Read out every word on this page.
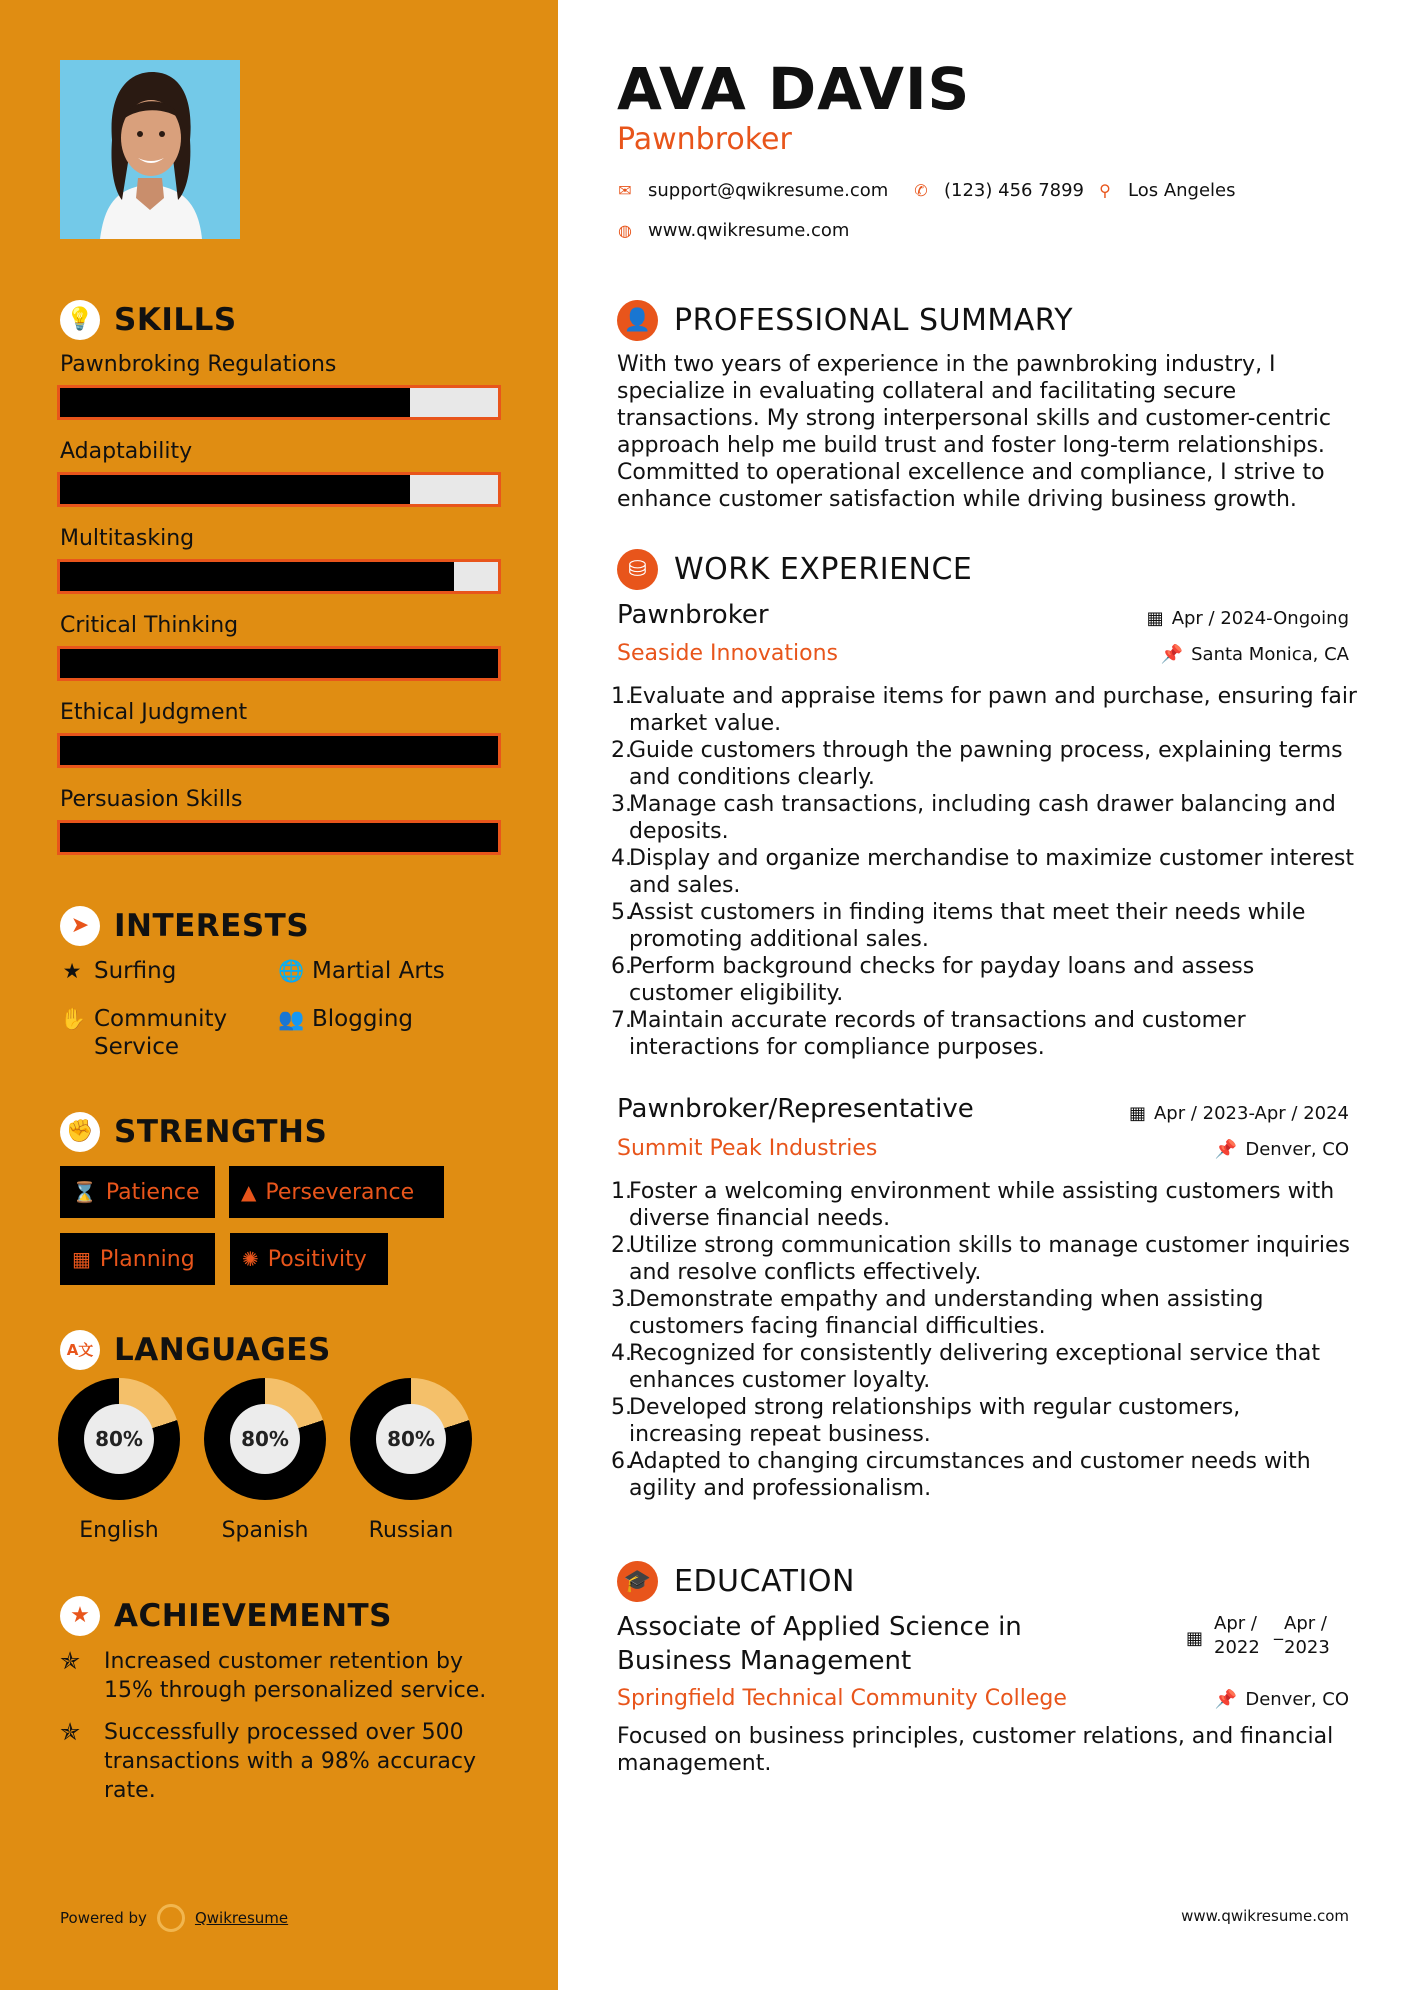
💡 SKILLS
Pawnbroking Regulations
Adaptability
Multitasking
Critical Thinking
Ethical Judgment
Persuasion Skills
➤ INTERESTS
★ Surfing	🌐 Martial Arts
✋ Community Service
👥 Blogging
✊ STRENGTHS
⌛ Patience ▲ Perseverance
▦ Planning ✺ Positivity
A文 LANGUAGES
80%	80%	80%
English	Spanish	Russian
★ ACHIEVEMENTS
✯	Increased customer retention by 15% through personalized service.
✯	Successfully processed over 500 transactions with a 98% accuracy rate.
Powered by	Qwikresume
AVA DAVIS
Pawnbroker
✉ support@qwikresume.com ✆ (123) 456 7899 ⚲ Los Angeles
◍ www.qwikresume.com
👤 PROFESSIONAL SUMMARY
With two years of experience in the pawnbroking industry, I specialize in evaluating collateral and facilitating secure transactions. My strong interpersonal skills and customer-centric approach help me build trust and foster long-term relationships. Committed to operational excellence and compliance, I strive to enhance customer satisfaction while driving business growth.
⛁ WORK EXPERIENCE
Pawnbroker	▦ Apr / 2024-Ongoing
Seaside Innovations	📌 Santa Monica, CA
1.
Evaluate and appraise items for pawn and purchase, ensuring fair market value.
2.
Guide customers through the pawning process, explaining terms and conditions clearly.
3.
Manage cash transactions, including cash drawer balancing and deposits.
4.
Display and organize merchandise to maximize customer interest and sales.
5.
Assist customers in finding items that meet their needs while promoting additional sales.
6.
Perform background checks for payday loans and assess customer eligibility.
7.
Maintain accurate records of transactions and customer interactions for compliance purposes.
Pawnbroker/Representative	▦ Apr / 2023-Apr / 2024
Summit Peak Industries	📌 Denver, CO
1.
Foster a welcoming environment while assisting customers with diverse financial needs.
2.
Utilize strong communication skills to manage customer inquiries and resolve conflicts effectively.
3.
Demonstrate empathy and understanding when assisting customers facing financial difficulties.
4.
Recognized for consistently delivering exceptional service that enhances customer loyalty.
5.
Developed strong relationships with regular customers, increasing repeat business.
6.
Adapted to changing circumstances and customer needs with agility and professionalism.
🎓 EDUCATION
Associate of Applied Science in Business Management
▦
Apr / 2022
_ Apr / 2023
Springfield Technical Community College	📌 Denver, CO
Focused on business principles, customer relations, and financial management.
www.qwikresume.com
